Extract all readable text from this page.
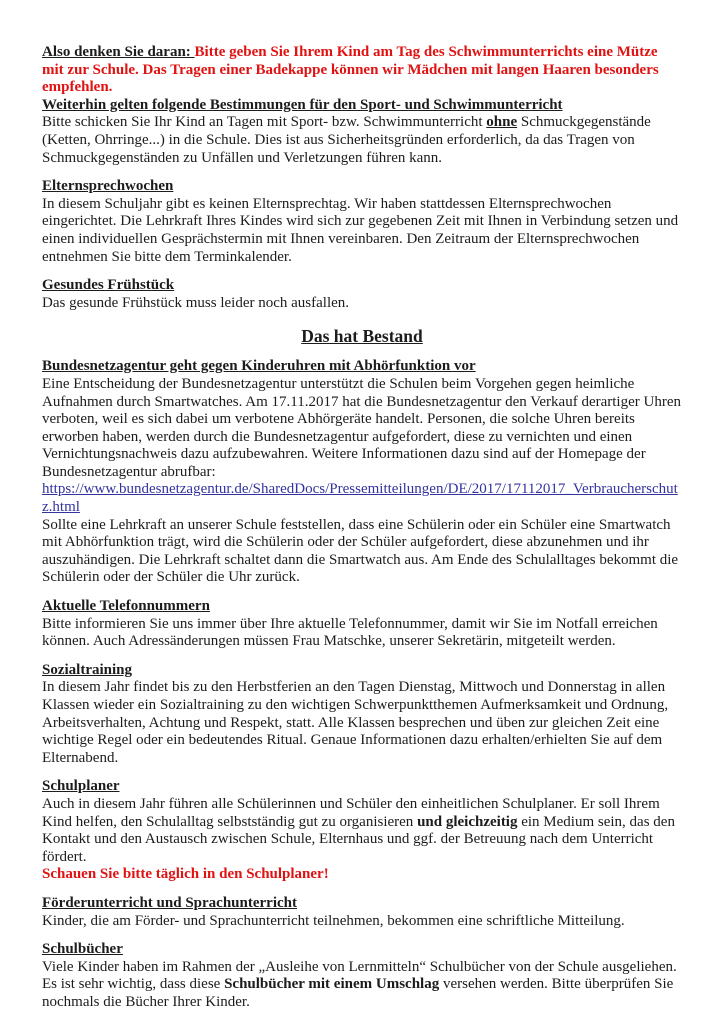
Also denken Sie daran: Bitte geben Sie Ihrem Kind am Tag des Schwimmunterrichts eine Mütze mit zur Schule. Das Tragen einer Badekappe können wir Mädchen mit langen Haaren besonders empfehlen.

Weiterhin gelten folgende Bestimmungen für den Sport- und Schwimmunterricht

Bitte schicken Sie Ihr Kind an Tagen mit Sport- bzw. Schwimmunterricht ohne Schmuckgegenstände (Ketten, Ohrringe...) in die Schule. Dies ist aus Sicherheitsgründen erforderlich, da das Tragen von Schmuckgegenständen zu Unfällen und Verletzungen führen kann.

Elternsprechwochen

In diesem Schuljahr gibt es keinen Elternsprechtag. Wir haben stattdessen Elternsprechwochen eingerichtet. Die Lehrkraft Ihres Kindes wird sich zur gegebenen Zeit mit Ihnen in Verbindung setzen und einen individuellen Gesprächstermin mit Ihnen vereinbaren. Den Zeitraum der Elternsprechwochen entnehmen Sie bitte dem Terminkalender.

Gesundes Frühstück

Das gesunde Frühstück muss leider noch ausfallen.

Das hat Bestand

Bundesnetzagentur geht gegen Kinderuhren mit Abhörfunktion vor

Eine Entscheidung der Bundesnetzagentur unterstützt die Schulen beim Vorgehen gegen heimliche Aufnahmen durch Smartwatches. Am 17.11.2017 hat die Bundesnetzagentur den Verkauf derartiger Uhren verboten, weil es sich dabei um verbotene Abhörgeräte handelt. Personen, die solche Uhren bereits erworben haben, werden durch die Bundesnetzagentur aufgefordert, diese zu vernichten und einen Vernichtungsnachweis dazu aufzubewahren. Weitere Informationen dazu sind auf der Homepage der Bundesnetzagentur abrufbar:

https://www.bundesnetzagentur.de/SharedDocs/Pressemitteilungen/DE/2017/17112017_Verbraucherschutz.html

Sollte eine Lehrkraft an unserer Schule feststellen, dass eine Schülerin oder ein Schüler eine Smartwatch mit Abhörfunktion trägt, wird die Schülerin oder der Schüler aufgefordert, diese abzunehmen und ihr auszuhändigen. Die Lehrkraft schaltet dann die Smartwatch aus. Am Ende des Schulalltages bekommt die Schülerin oder der Schüler die Uhr zurück.

Aktuelle Telefonnummern

Bitte informieren Sie uns immer über Ihre aktuelle Telefonnummer, damit wir Sie im Notfall erreichen können. Auch Adressänderungen müssen Frau Matschke, unserer Sekretärin, mitgeteilt werden.

Sozialtraining

In diesem Jahr findet bis zu den Herbstferien an den Tagen Dienstag, Mittwoch und Donnerstag in allen Klassen wieder ein Sozialtraining zu den wichtigen Schwerpunktthemen Aufmerksamkeit und Ordnung, Arbeitsverhalten, Achtung und Respekt, statt. Alle Klassen besprechen und üben zur gleichen Zeit eine wichtige Regel oder ein bedeutendes Ritual. Genaue Informationen dazu erhalten/erhielten Sie auf dem Elternabend.

Schulplaner

Auch in diesem Jahr führen alle Schülerinnen und Schüler den einheitlichen Schulplaner. Er soll Ihrem Kind helfen, den Schulalltag selbstständig gut zu organisieren und gleichzeitig ein Medium sein, das den Kontakt und den Austausch zwischen Schule, Elternhaus und ggf. der Betreuung nach dem Unterricht fördert.

Schauen Sie bitte täglich in den Schulplaner!

Förderunterricht und Sprachunterricht

Kinder, die am Förder- und Sprachunterricht teilnehmen, bekommen eine schriftliche Mitteilung.

Schulbücher

Viele Kinder haben im Rahmen der „Ausleihe von Lernmitteln“ Schulbücher von der Schule ausgeliehen. Es ist sehr wichtig, dass diese Schulbücher mit einem Umschlag versehen werden. Bitte überprüfen Sie nochmals die Bücher Ihrer Kinder.
